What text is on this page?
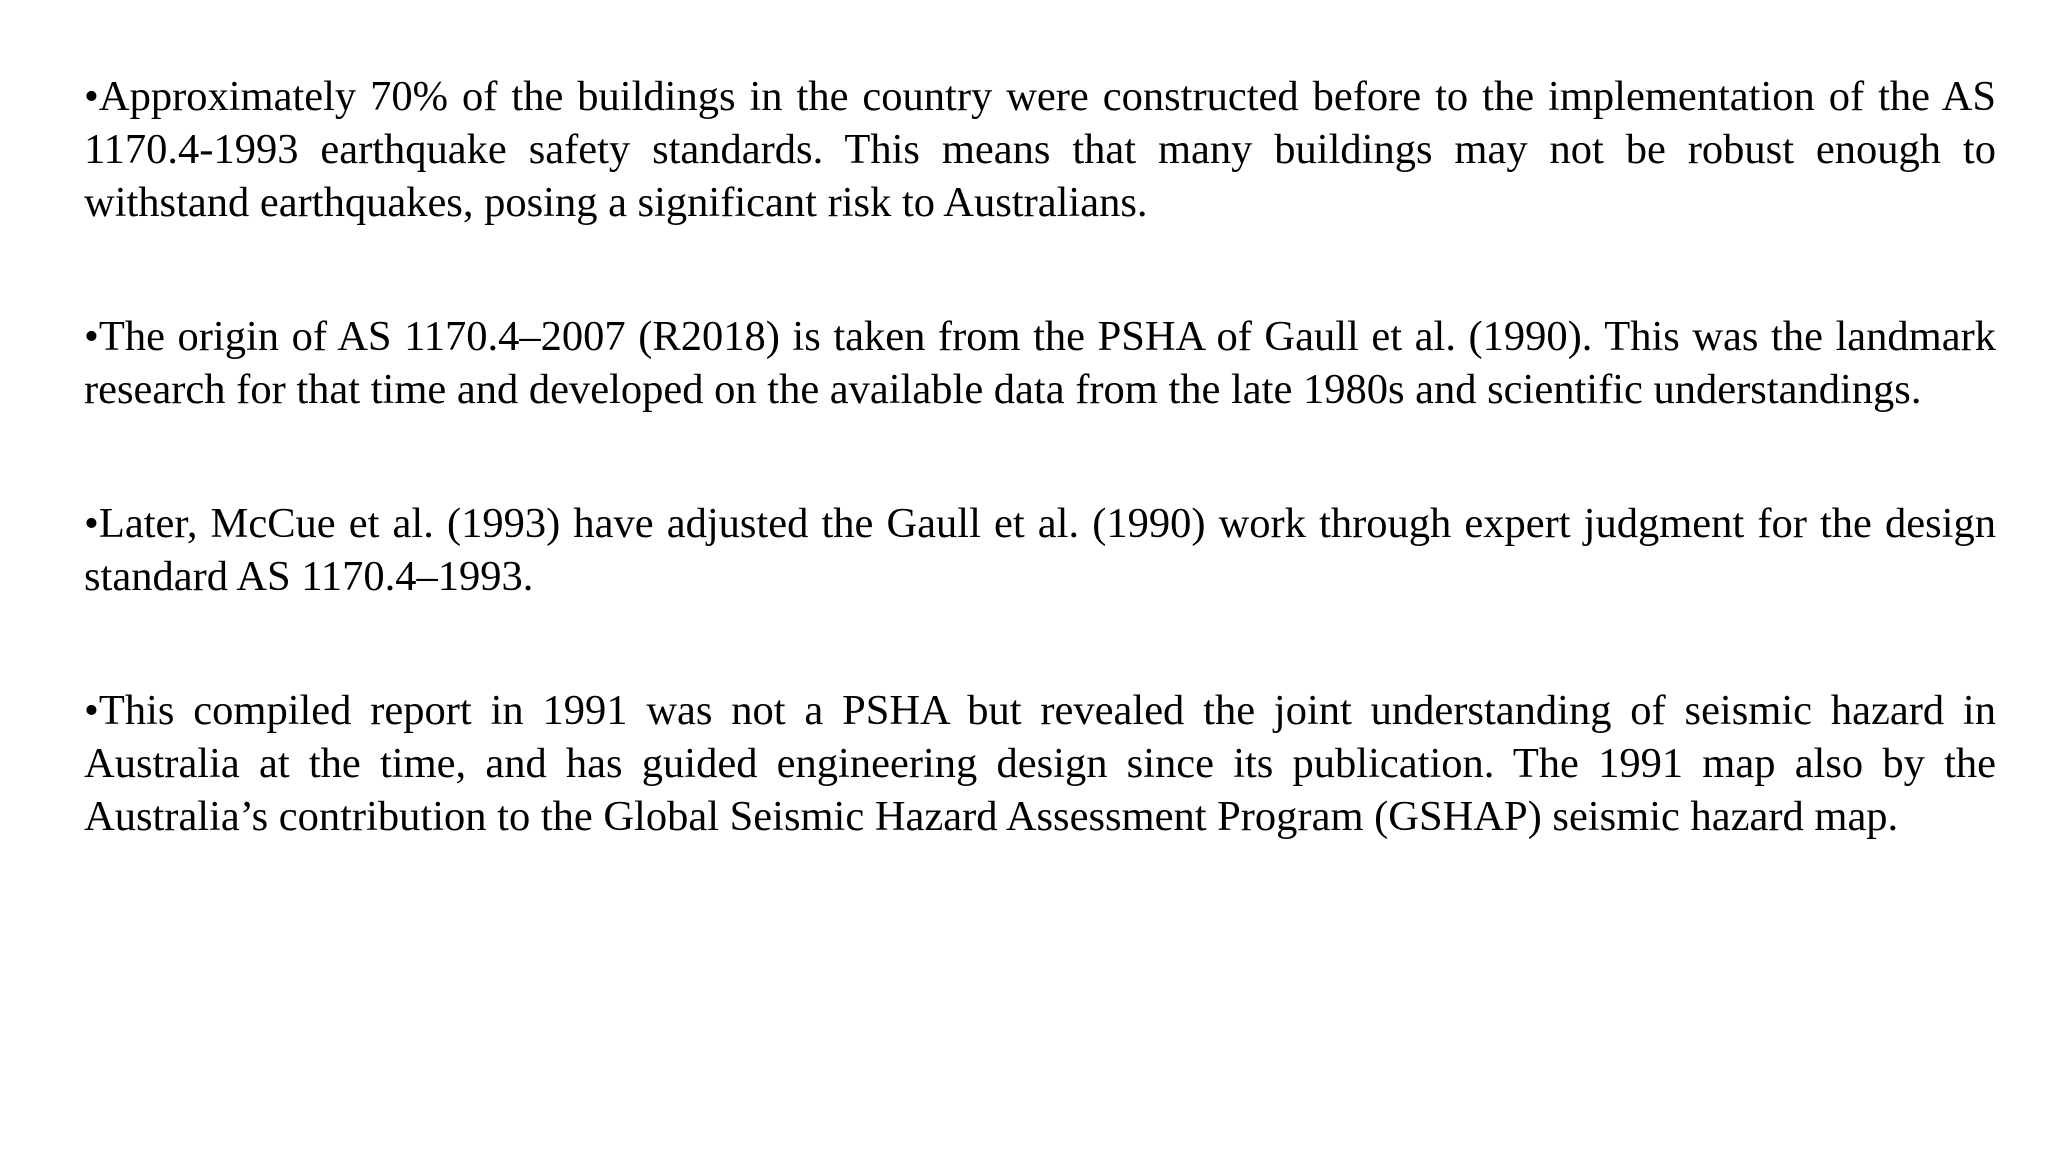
•Approximately 70% of the buildings in the country were constructed before to the implementation of the AS 1170.4-1993 earthquake safety standards. This means that many buildings may not be robust enough to withstand earthquakes, posing a significant risk to Australians.

•The origin of AS 1170.4–2007 (R2018) is taken from the PSHA of Gaull et al. (1990). This was the landmark research for that time and developed on the available data from the late 1980s and scientific understandings.

•Later, McCue et al. (1993) have adjusted the Gaull et al. (1990) work through expert judgment for the design standard AS 1170.4–1993.

•This compiled report in 1991 was not a PSHA but revealed the joint understanding of seismic hazard in Australia at the time, and has guided engineering design since its publication. The 1991 map also by the Australia’s contribution to the Global Seismic Hazard Assessment Program (GSHAP) seismic hazard map.
